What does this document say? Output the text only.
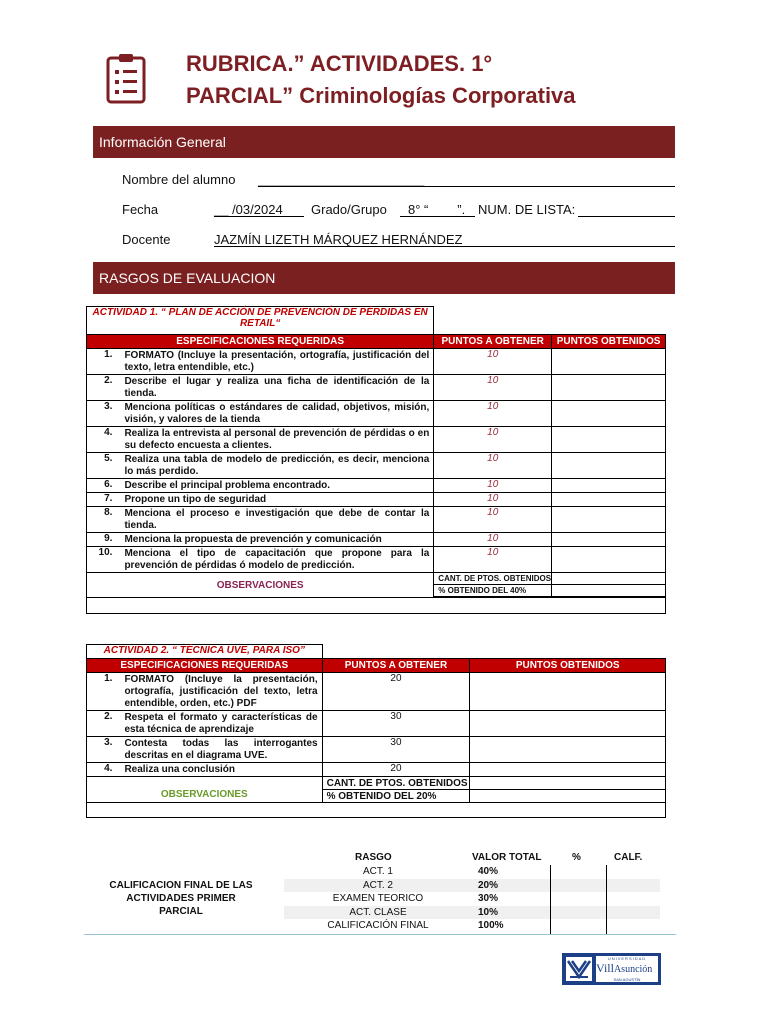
RUBRICA.” ACTIVIDADES. 1°
PARCIAL” Criminologías Corporativa
Información General
Nombre del alumno _______________________
Fecha	__ /03/2024 Grado/Grupo 8° “        ”. NUM. DE LISTA:
Docente	JAZMÍN LIZETH MÁRQUEZ HERNÁNDEZ
RASGOS DE EVALUACION
ACTIVIDAD 1. “ PLAN DE ACCIÓN DE PREVENCIÓN DE PÉRDIDAS EN RETAIL“			
ESPECIFICACIONES REQUERIDAS		PUNTOS A OBTENER	PUNTOS OBTENIDOS
1.	FORMATO (Incluye la presentación, ortografía, justificación del texto, letra entendible, etc.)	10	
2.	Describe el lugar y realiza una ficha de identificación de la tienda.	10	
3.	Menciona políticas o estándares de calidad, objetivos, misión, visión, y valores de la tienda	10	
4.	Realiza la entrevista al personal de prevención de pérdidas o en su defecto encuesta a clientes.	10	
5.	Realiza una tabla de modelo de predicción, es decir, menciona lo más perdido.	10	
6.	Describe el principal problema encontrado.	10	
7.	Propone un tipo de seguridad	10	
8.	Menciona el proceso e investigación que debe de contar la tienda.	10	
9.	Menciona la propuesta de prevención y comunicación	10	
10.	Menciona el tipo de capacitación que propone para la prevención de pérdidas ó modelo de predicción.	10	
OBSERVACIONES		CANT. DE PTOS. OBTENIDOS	
		% OBTENIDO DEL 40%	

ACTIVIDAD 2. “ TÉCNICA UVE, PARA ISO”			
ESPECIFICACIONES REQUERIDAS		PUNTOS A OBTENER	PUNTOS OBTENIDOS
1.	FORMATO (Incluye la presentación, ortografía, justificación del texto, letra entendible, orden, etc.) PDF	20	
2.	Respeta el formato y características de esta técnica de aprendizaje	30	
3.	Contesta todas las interrogantes descritas en el diagrama UVE.	30	
4.	Realiza una conclusión	20	
OBSERVACIONES		CANT. DE PTOS. OBTENIDOS	
		% OBTENIDO DEL 20%	

RASGO	VALOR TOTAL	%	CALF.
CALIFICACION FINAL DE LAS
ACTIVIDADES PRIMER PARCIAL
ACT. 1	40%
ACT. 2	20%
EXAMEN TEORICO	30%
ACT. CLASE	10%
CALIFICACIÓN FINAL	100%
UNIVERSIDAD
VillAsunción
SAN AGUSTÍN
